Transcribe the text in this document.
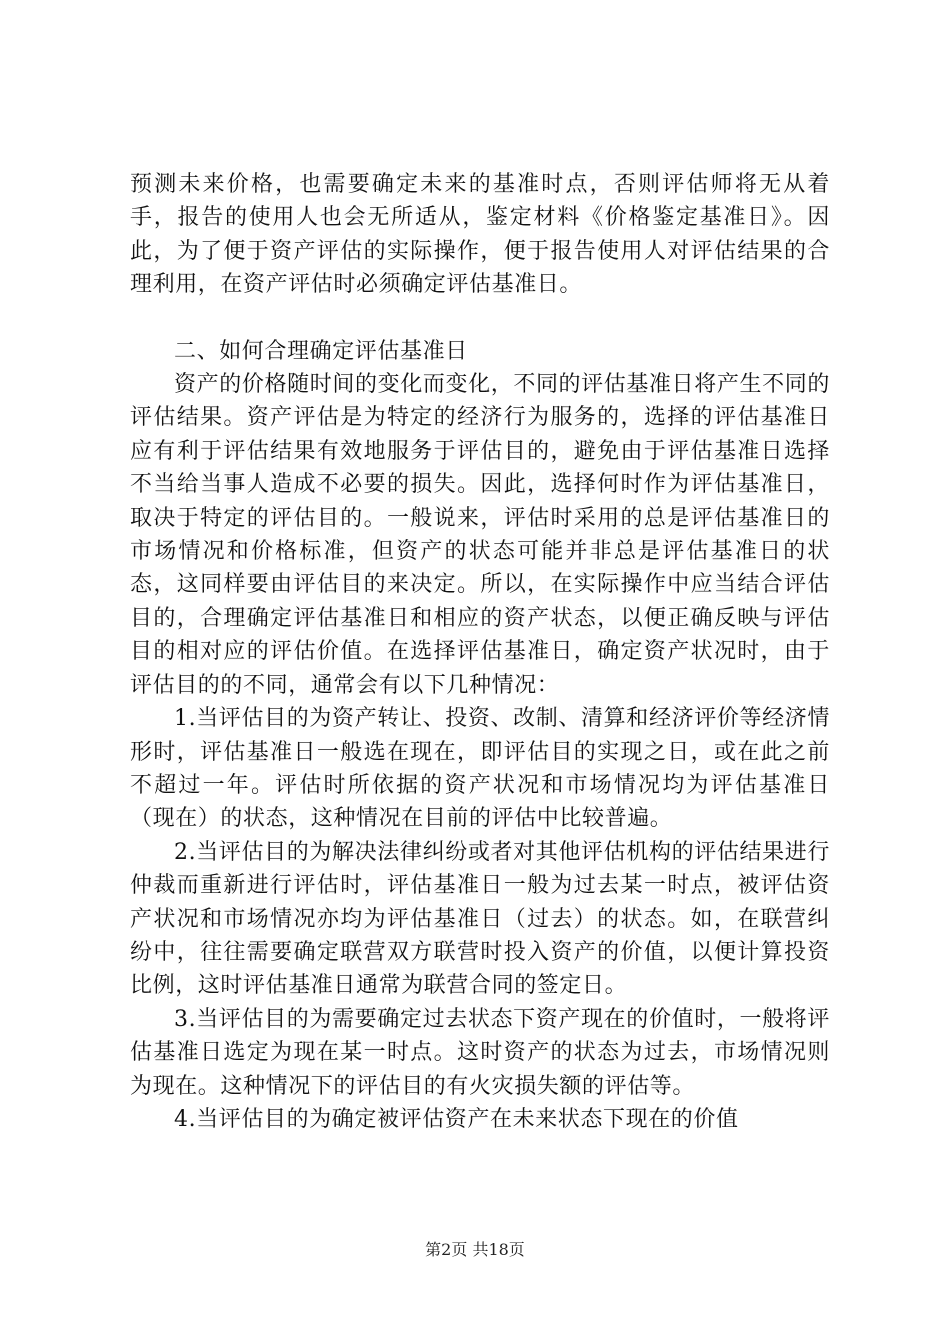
预测未来价格，也需要确定未来的基准时点，否则评估师将无从着手，报告的使用人也会无所适从，鉴定材料《价格鉴定基准日》。因此，为了便于资产评估的实际操作，便于报告使用人对评估结果的合理利用，在资产评估时必须确定评估基准日。

二、如何合理确定评估基准日

资产的价格随时间的变化而变化，不同的评估基准日将产生不同的评估结果。资产评估是为特定的经济行为服务的，选择的评估基准日应有利于评估结果有效地服务于评估目的，避免由于评估基准日选择不当给当事人造成不必要的损失。因此，选择何时作为评估基准日，取决于特定的评估目的。一般说来，评估时采用的总是评估基准日的市场情况和价格标准，但资产的状态可能并非总是评估基准日的状态，这同样要由评估目的来决定。所以，在实际操作中应当结合评估目的，合理确定评估基准日和相应的资产状态，以便正确反映与评估目的相对应的评估价值。在选择评估基准日，确定资产状况时，由于评估目的的不同，通常会有以下几种情况：

1.当评估目的为资产转让、投资、改制、清算和经济评价等经济情形时，评估基准日一般选在现在，即评估目的实现之日，或在此之前不超过一年。评估时所依据的资产状况和市场情况均为评估基准日（现在）的状态，这种情况在目前的评估中比较普遍。

2.当评估目的为解决法律纠纷或者对其他评估机构的评估结果进行仲裁而重新进行评估时，评估基准日一般为过去某一时点，被评估资产状况和市场情况亦均为评估基准日（过去）的状态。如，在联营纠纷中，往往需要确定联营双方联营时投入资产的价值，以便计算投资比例，这时评估基准日通常为联营合同的签定日。

3.当评估目的为需要确定过去状态下资产现在的价值时，一般将评估基准日选定为现在某一时点。这时资产的状态为过去，市场情况则为现在。这种情况下的评估目的有火灾损失额的评估等。

4.当评估目的为确定被评估资产在未来状态下现在的价值

第2页 共18页
